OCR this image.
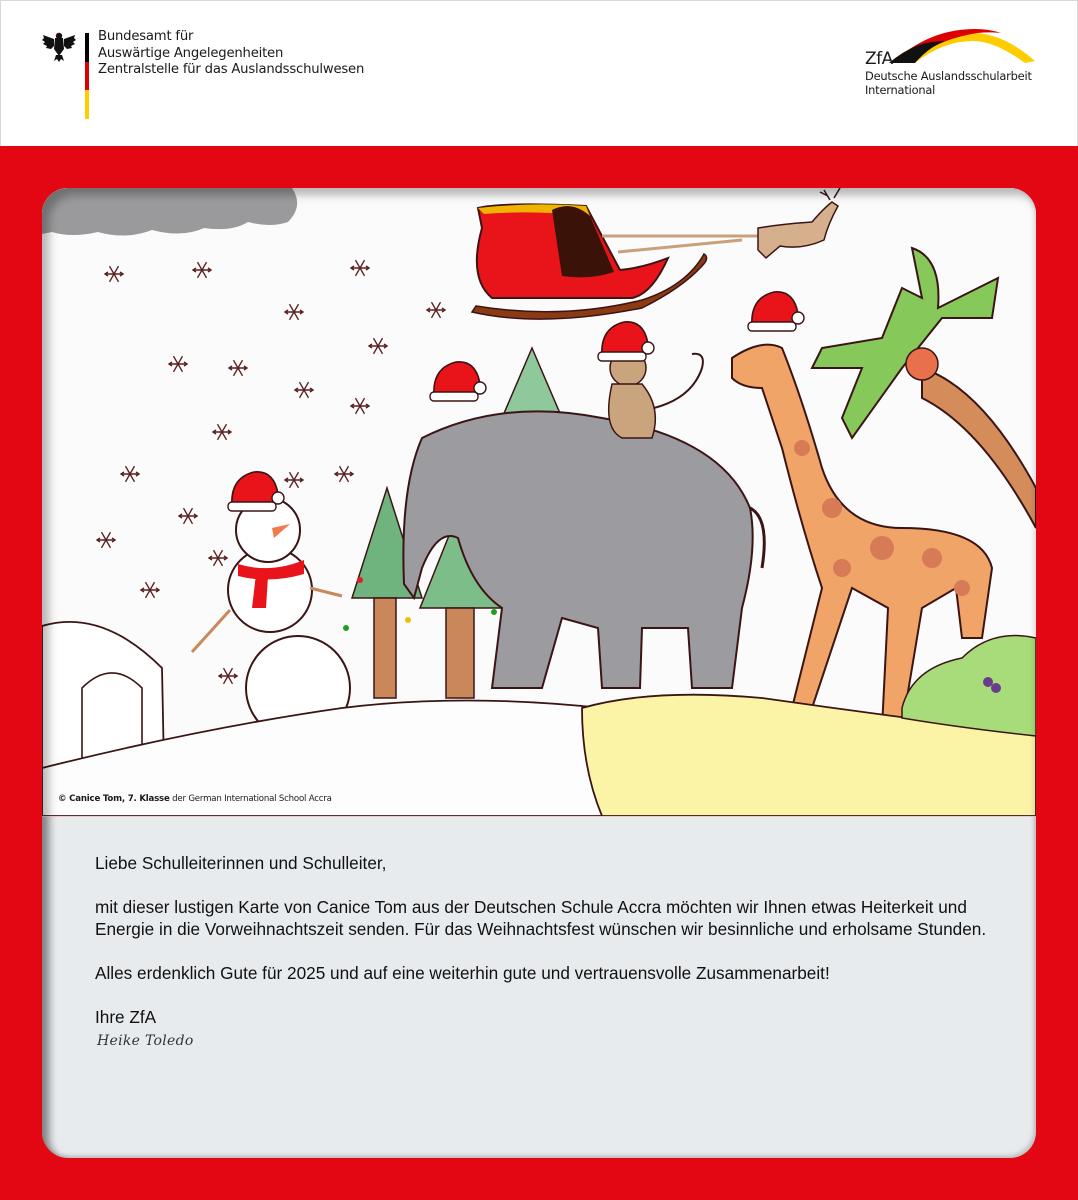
Bundesamt für
Auswärtige Angelegenheiten
Zentralstelle für das Auslandsschulwesen
ZfA
Deutsche Auslandsschularbeit
International
© Canice Tom, 7. Klasse der German International School Accra

Liebe Schulleiterinnen und Schulleiter,

mit dieser lustigen Karte von Canice Tom aus der Deutschen Schule Accra möchten wir Ihnen etwas Heiterkeit und Energie in die Vorweihnachtszeit senden. Für das Weihnachtsfest wünschen wir besinnliche und erholsame Stunden.

Alles erdenklich Gute für 2025 und auf eine weiterhin gute und vertrauensvolle Zusammenarbeit!

Ihre ZfA

Heike Toledo
